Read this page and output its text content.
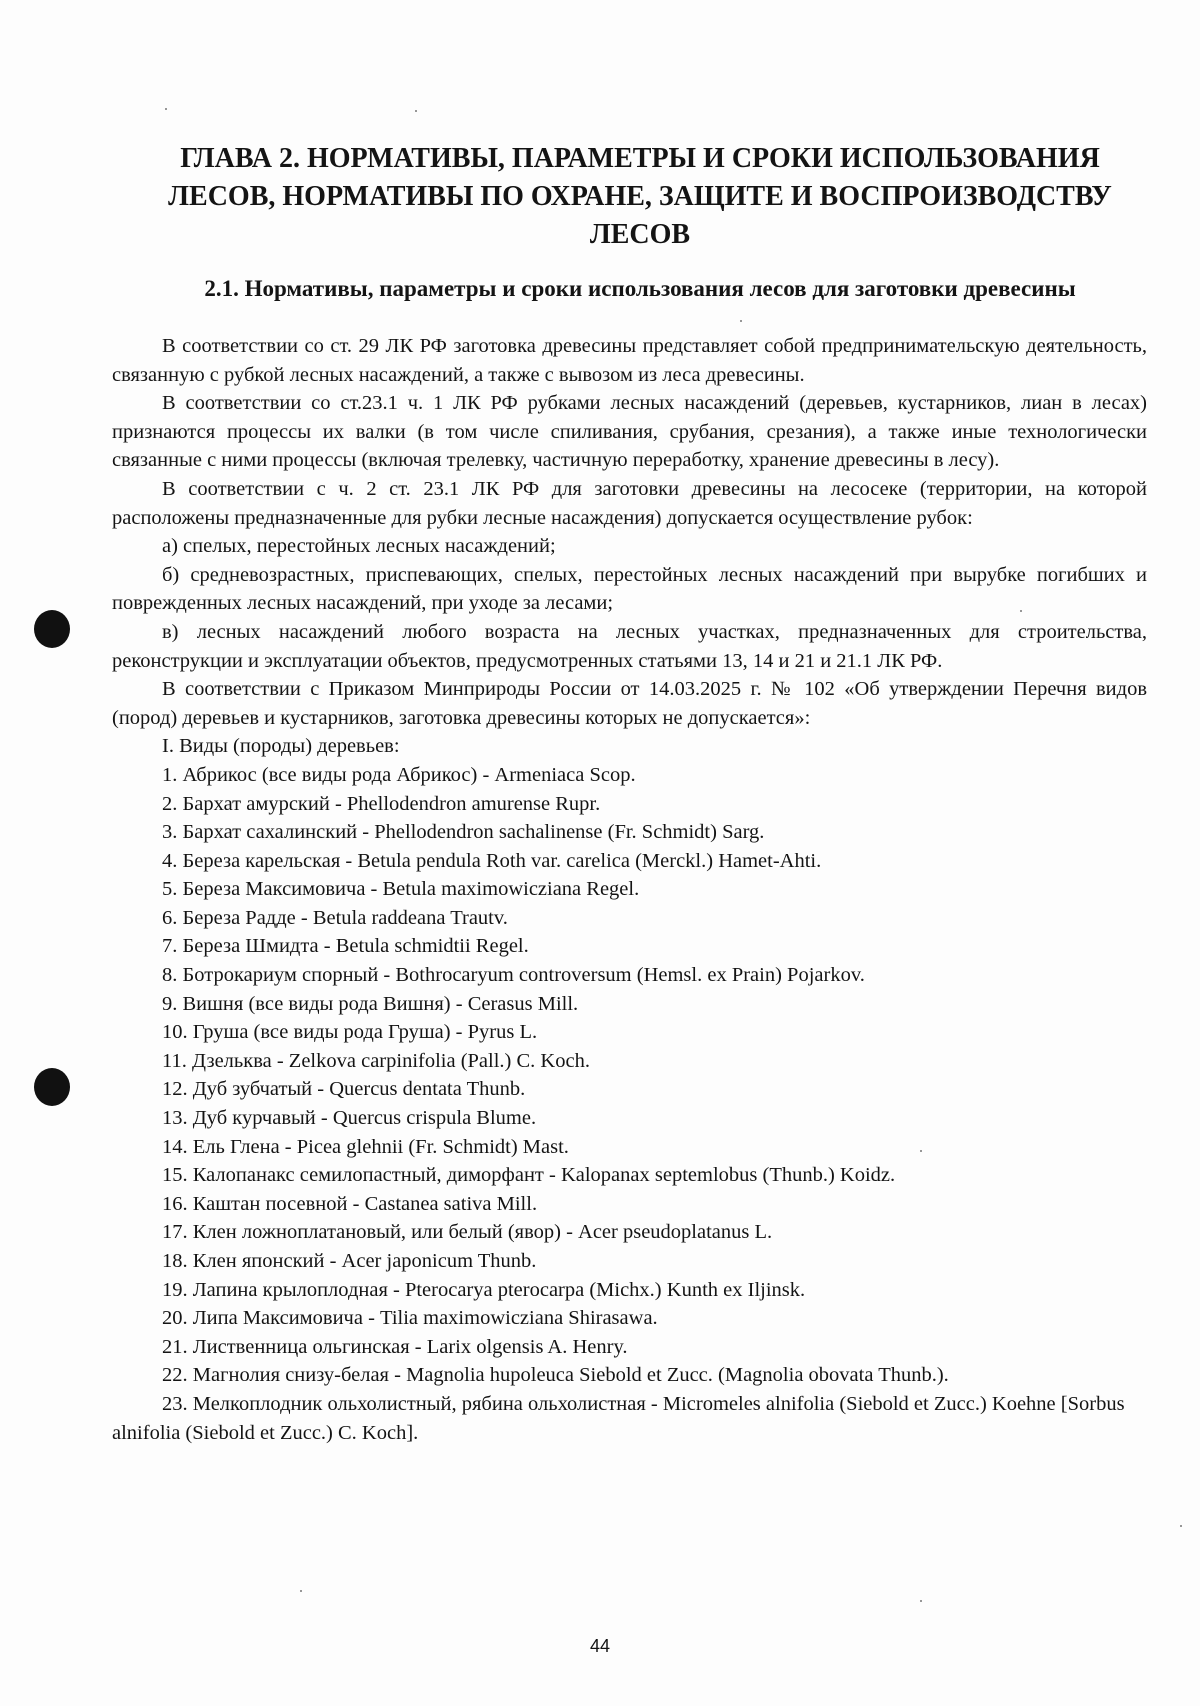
ГЛАВА 2. НОРМАТИВЫ, ПАРАМЕТРЫ И СРОКИ ИСПОЛЬЗОВАНИЯ
ЛЕСОВ, НОРМАТИВЫ ПО ОХРАНЕ, ЗАЩИТЕ И ВОСПРОИЗВОДСТВУ
ЛЕСОВ
2.1. Нормативы, параметры и сроки использования лесов для заготовки древесины

В соответствии со ст. 29 ЛК РФ заготовка древесины представляет собой предпринимательскую деятельность, связанную с рубкой лесных насаждений, а также с вывозом из леса древесины.

В соответствии со ст.23.1 ч. 1 ЛК РФ рубками лесных насаждений (деревьев, кустарников, лиан в лесах) признаются процессы их валки (в том числе спиливания, срубания, срезания), а также иные технологически связанные с ними процессы (включая трелевку, частичную переработку, хранение древесины в лесу).

В соответствии с ч. 2 ст. 23.1 ЛК РФ для заготовки древесины на лесосеке (территории, на которой расположены предназначенные для рубки лесные насаждения) допускается осуществление рубок:

а) спелых, перестойных лесных насаждений;

б) средневозрастных, приспевающих, спелых, перестойных лесных насаждений при вырубке погибших и поврежденных лесных насаждений, при уходе за лесами;

в) лесных насаждений любого возраста на лесных участках, предназначенных для строительства, реконструкции и эксплуатации объектов, предусмотренных статьями 13, 14 и 21 и 21.1 ЛК РФ.

В соответствии с Приказом Минприроды России от 14.03.2025 г. № 102 «Об утверждении Перечня видов (пород) деревьев и кустарников, заготовка древесины которых не допускается»:

I. Виды (породы) деревьев:

1. Абрикос (все виды рода Абрикос) - Armeniaca Scop.

2. Бархат амурский - Phellodendron amurense Rupr.

3. Бархат сахалинский - Phellodendron sachalinense (Fr. Schmidt) Sarg.

4. Береза карельская - Betula pendula Roth var. carelica (Merckl.) Hamet-Ahti.

5. Береза Максимовича - Betula maximowicziana Regel.

6. Береза Радде - Betula raddeana Trautv.

7. Береза Шмидта - Betula schmidtii Regel.

8. Ботрокариум спорный - Bothrocaryum controversum (Hemsl. ex Prain) Pojarkov.

9. Вишня (все виды рода Вишня) - Cerasus Mill.

10. Груша (все виды рода Груша) - Pyrus L.

11. Дзельква - Zelkova carpinifolia (Pall.) C. Koch.

12. Дуб зубчатый - Quercus dentata Thunb.

13. Дуб курчавый - Quercus crispula Blume.

14. Ель Глена - Picea glehnii (Fr. Schmidt) Mast.

15. Калопанакс семилопастный, диморфант - Kalopanax septemlobus (Thunb.) Koidz.

16. Каштан посевной - Castanea sativa Mill.

17. Клен ложноплатановый, или белый (явор) - Acer pseudoplatanus L.

18. Клен японский - Acer japonicum Thunb.

19. Лапина крылоплодная - Pterocarya pterocarpa (Michx.) Kunth ex Iljinsk.

20. Липа Максимовича - Tilia maximowicziana Shirasawa.

21. Лиственница ольгинская - Larix olgensis A. Henry.

22. Магнолия снизу-белая - Magnolia hupoleuca Siebold et Zucc. (Magnolia obovata Thunb.).

23. Мелкоплодник ольхолистный, рябина ольхолистная - Micromeles alnifolia (Siebold et Zucc.) Koehne [Sorbus alnifolia (Siebold et Zucc.) C. Koch].

44
